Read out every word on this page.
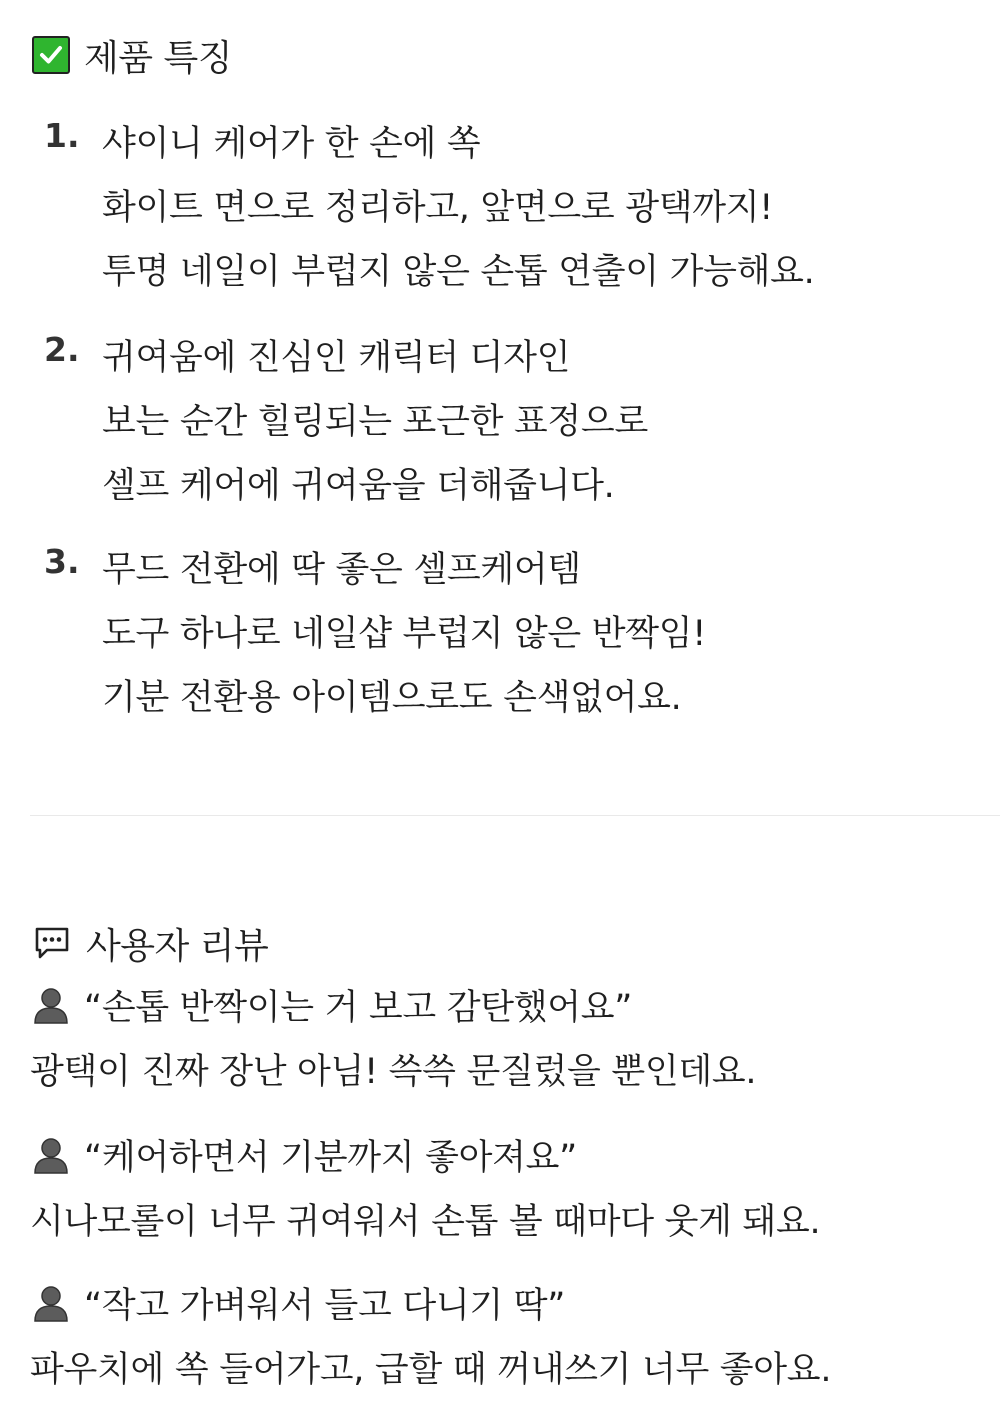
제품 특징
1. 샤이니 케어가 한 손에 쏙
화이트 면으로 정리하고, 앞면으로 광택까지!
투명 네일이 부럽지 않은 손톱 연출이 가능해요.
2. 귀여움에 진심인 캐릭터 디자인
보는 순간 힐링되는 포근한 표정으로
셀프 케어에 귀여움을 더해줍니다.
3. 무드 전환에 딱 좋은 셀프케어템
도구 하나로 네일샵 부럽지 않은 반짝임!
기분 전환용 아이템으로도 손색없어요.
사용자 리뷰
“손톱 반짝이는 거 보고 감탄했어요”
광택이 진짜 장난 아님! 쓱쓱 문질렀을 뿐인데요.
“케어하면서 기분까지 좋아져요”
시나모롤이 너무 귀여워서 손톱 볼 때마다 웃게 돼요.
“작고 가벼워서 들고 다니기 딱”
파우치에 쏙 들어가고, 급할 때 꺼내쓰기 너무 좋아요.
